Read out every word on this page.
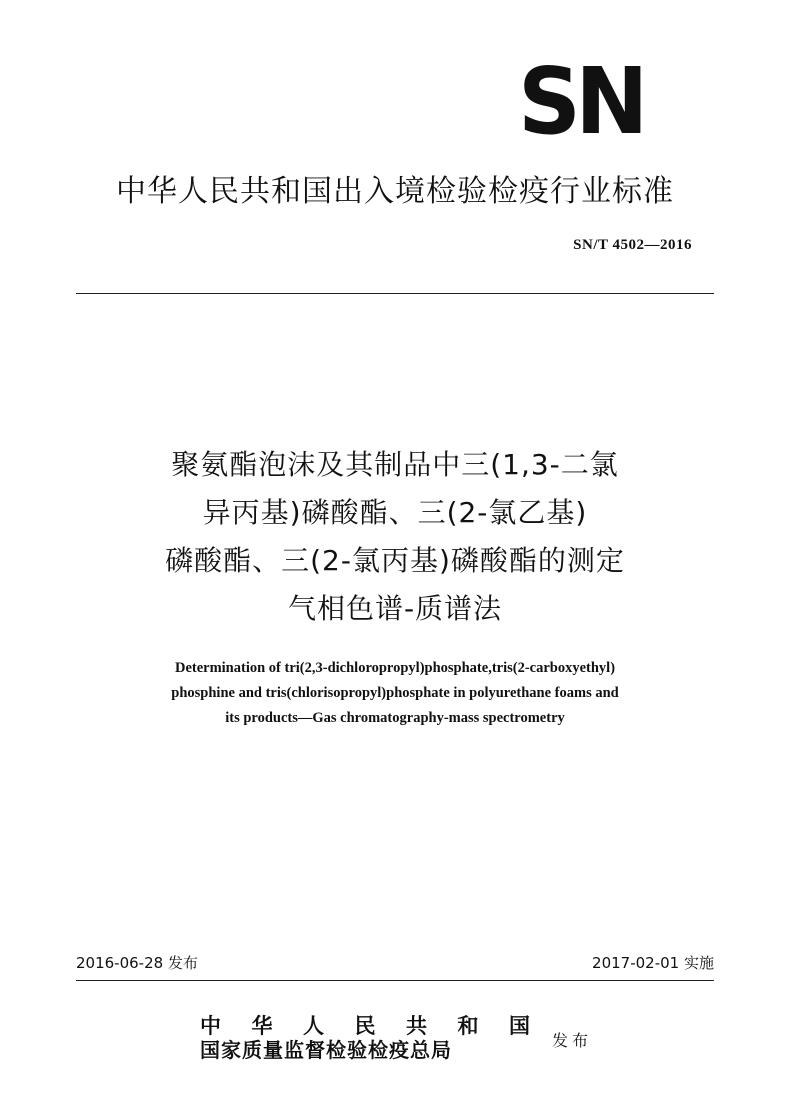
SN
中华人民共和国出入境检验检疫行业标准
SN/T 4502—2016
聚氨酯泡沫及其制品中三(1,3-二氯
异丙基)磷酸酯、三(2-氯乙基)
磷酸酯、三(2-氯丙基)磷酸酯的测定
气相色谱-质谱法
Determination of tri(2,3-dichloropropyl)phosphate,tris(2-carboxyethyl)
phosphine and tris(chlorisopropyl)phosphate in polyurethane foams and
its products—Gas chromatography-mass spectrometry
2016-06-28 发布	2017-02-01 实施
中华人民共和国
国家质量监督检验检疫总局	发布
